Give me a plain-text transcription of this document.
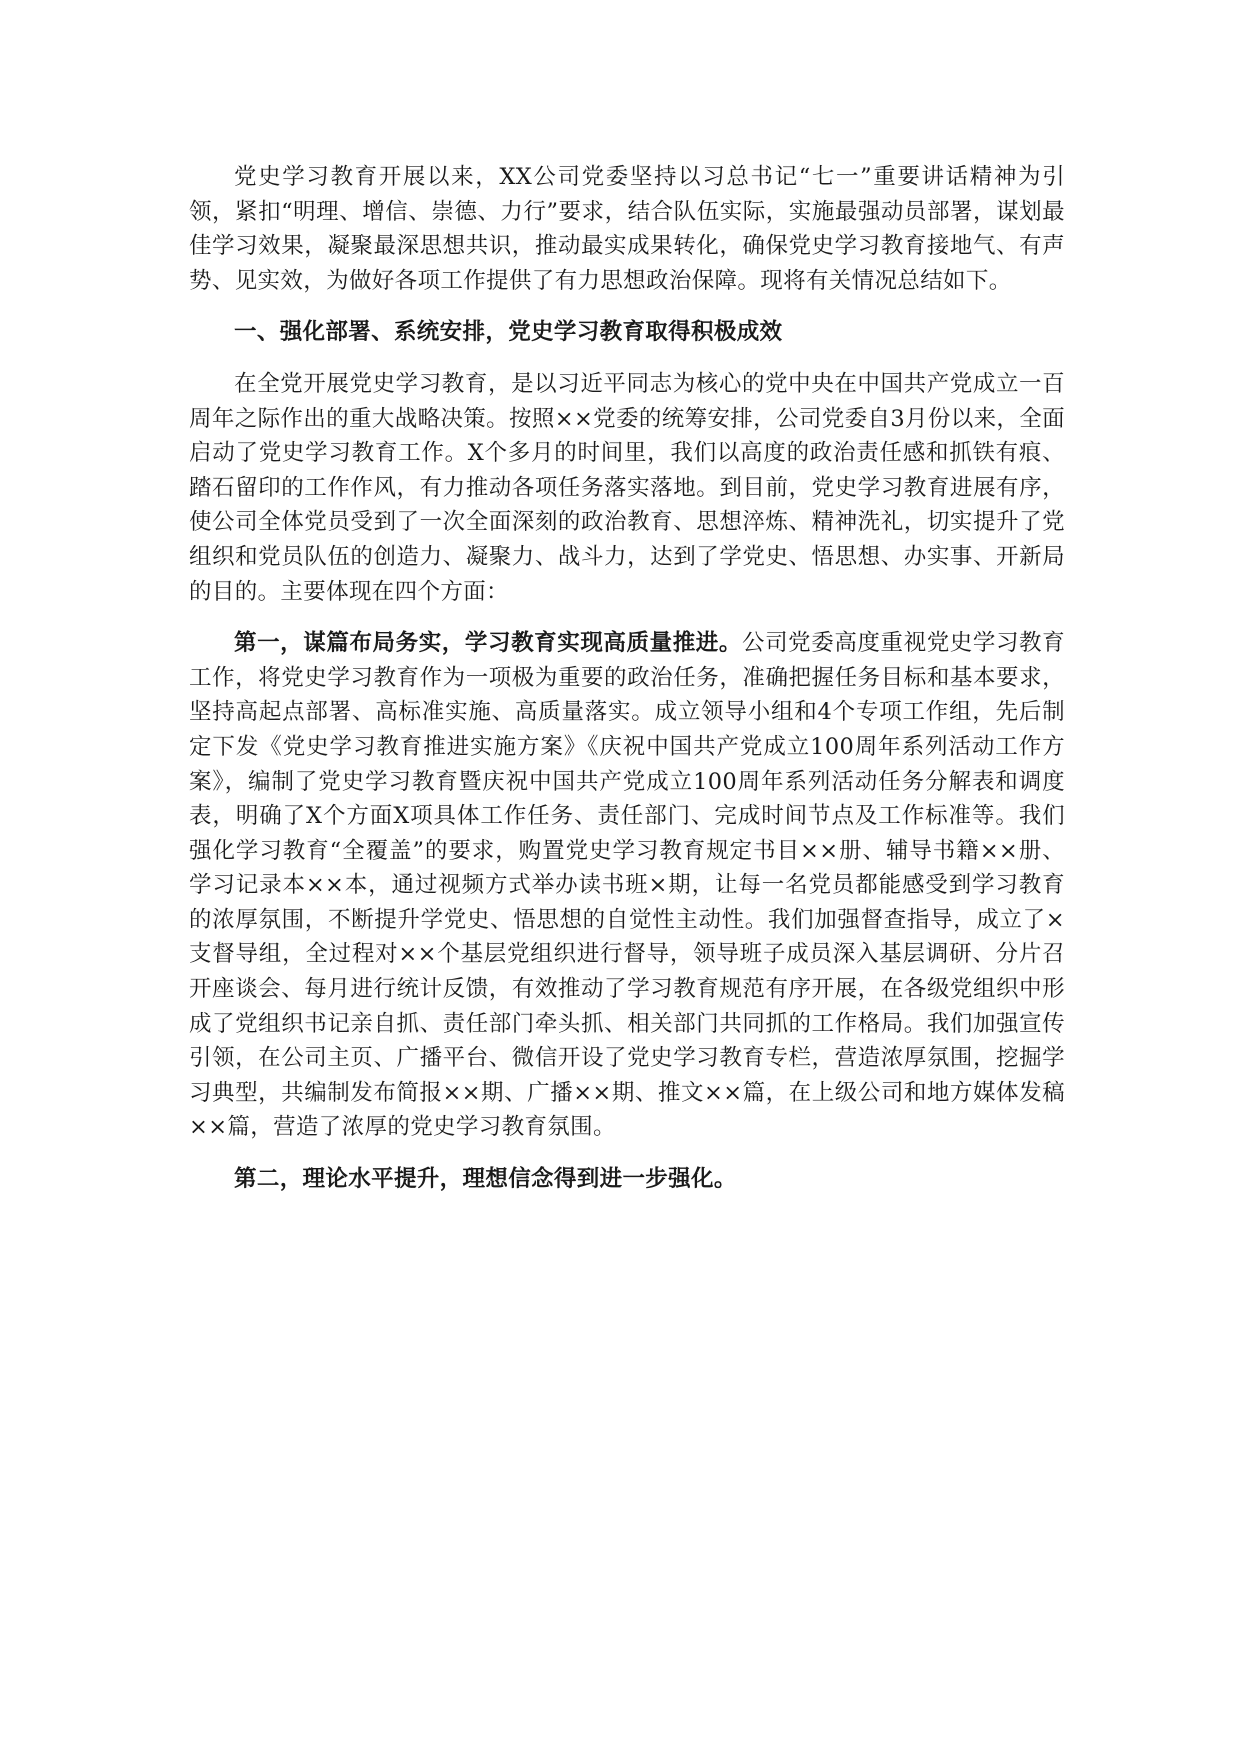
党史学习教育开展以来，XX公司党委坚持以习总书记“七一”重要讲话精神为引领，紧扣“明理、增信、崇德、力行”要求，结合队伍实际，实施最强动员部署，谋划最佳学习效果，凝聚最深思想共识，推动最实成果转化，确保党史学习教育接地气、有声势、见实效，为做好各项工作提供了有力思想政治保障。现将有关情况总结如下。

一、强化部署、系统安排，党史学习教育取得积极成效

在全党开展党史学习教育，是以习近平同志为核心的党中央在中国共产党成立一百周年之际作出的重大战略决策。按照××党委的统筹安排，公司党委自3月份以来，全面启动了党史学习教育工作。X个多月的时间里，我们以高度的政治责任感和抓铁有痕、踏石留印的工作作风，有力推动各项任务落实落地。到目前，党史学习教育进展有序，使公司全体党员受到了一次全面深刻的政治教育、思想淬炼、精神洗礼，切实提升了党组织和党员队伍的创造力、凝聚力、战斗力，达到了学党史、悟思想、办实事、开新局的目的。主要体现在四个方面：

第一，谋篇布局务实，学习教育实现高质量推进。公司党委高度重视党史学习教育工作，将党史学习教育作为一项极为重要的政治任务，准确把握任务目标和基本要求，坚持高起点部署、高标准实施、高质量落实。成立领导小组和4个专项工作组，先后制定下发《党史学习教育推进实施方案》《庆祝中国共产党成立100周年系列活动工作方案》，编制了党史学习教育暨庆祝中国共产党成立100周年系列活动任务分解表和调度表，明确了X个方面X项具体工作任务、责任部门、完成时间节点及工作标准等。我们强化学习教育“全覆盖”的要求，购置党史学习教育规定书目××册、辅导书籍××册、学习记录本××本，通过视频方式举办读书班×期，让每一名党员都能感受到学习教育的浓厚氛围，不断提升学党史、悟思想的自觉性主动性。我们加强督查指导，成立了×支督导组，全过程对××个基层党组织进行督导，领导班子成员深入基层调研、分片召开座谈会、每月进行统计反馈，有效推动了学习教育规范有序开展，在各级党组织中形成了党组织书记亲自抓、责任部门牵头抓、相关部门共同抓的工作格局。我们加强宣传引领，在公司主页、广播平台、微信开设了党史学习教育专栏，营造浓厚氛围，挖掘学习典型，共编制发布简报××期、广播××期、推文××篇，在上级公司和地方媒体发稿××篇，营造了浓厚的党史学习教育氛围。

第二，理论水平提升，理想信念得到进一步强化。
